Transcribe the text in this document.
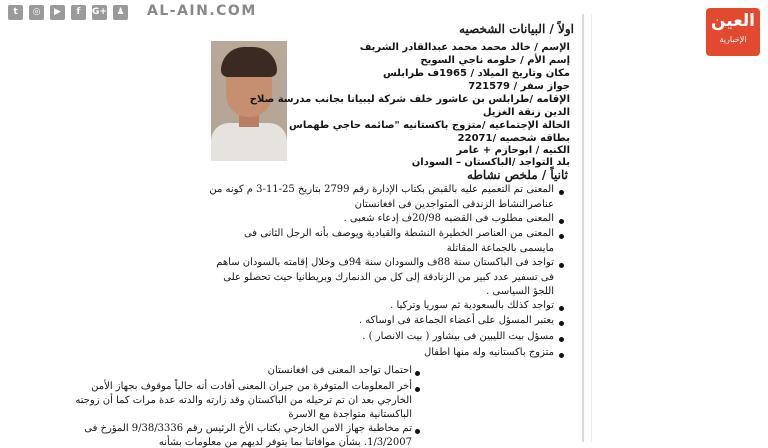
t	◎	▶	f	G+	♟ AL-AIN.COM	العين
الإخبارية
اولاً / البيانات الشخصيه
الإسم / خالد محمد محمد عبدالقادر الشريف
إسم الأم / حلومه ناجي السويح
مكان وتاريخ الميلاد / 1965ف طرابلس
جواز سفر / 721579
الإقامه /طرابلس بن عاشور خلف شركة ليبيانا بجانب مدرسة صلاح
الدين زنقة الغزيل
الحالة الإجتماعيه /متزوج باكستانيه "صائمه حاجي طهماس
بطاقه شخصيه /22071
الكنيه / ابوحازم + عامر
بلد التواجد /الباكستان – السودان
ثانياً / ملخص نشاطه
المعنى تم التعميم عليه بالقبض بكتاب الإدارة رقم 2799 بتاريخ 25-11-3 م كونه من
عناصرالنشاط الزندقى المتواجدين فى افغانستان
المعنى مطلوب فى القضيه 20/98ف إدعاء شعبى .
المعنى من العناصر الخطيرة النشطة والقيادية ويوصف بأنه الرجل الثانى فى
مايسمى بالجماعة المقاتلة
تواجد فى الباكستان سنة 88ف والسودان سنة 94ف وخلال إقامته بالسودان ساهم
فى تسفير عدد كبير من الزنادقة إلى كل من الدنمارك وبريطانيا حيث تحصلو على
اللجؤ السياسى .
تواجد كذلك بالسعودية ثم سوريا وتركيا .
يعتبر المسؤل على أعضاء الجماعة فى اوساكه .
مسؤل بيت الليبين فى بيشاور ( بيت الانصار ) .
متزوج باكستانيه وله منها اطفال
احتمال تواجد المعنى فى افغانستان
أخر المعلومات المتوفرة من جيران المعنى أفادت أنه حالياً موقوف بجهاز الأمن
الخارجي بعد ان تم ترحيله من الباكستان وقد زارته والدته عدة مرات كما أن زوجته
الباكستانية متواجدة مع الاسرة
تم مخاطبة جهاز الامن الخارجي بكتاب الأخ الرئيس رقم 9/38/3336 المؤرخ فى
1/3/2007. بشأن موافاتنا بما يتوفر لديهم من معلومات بشأنه
